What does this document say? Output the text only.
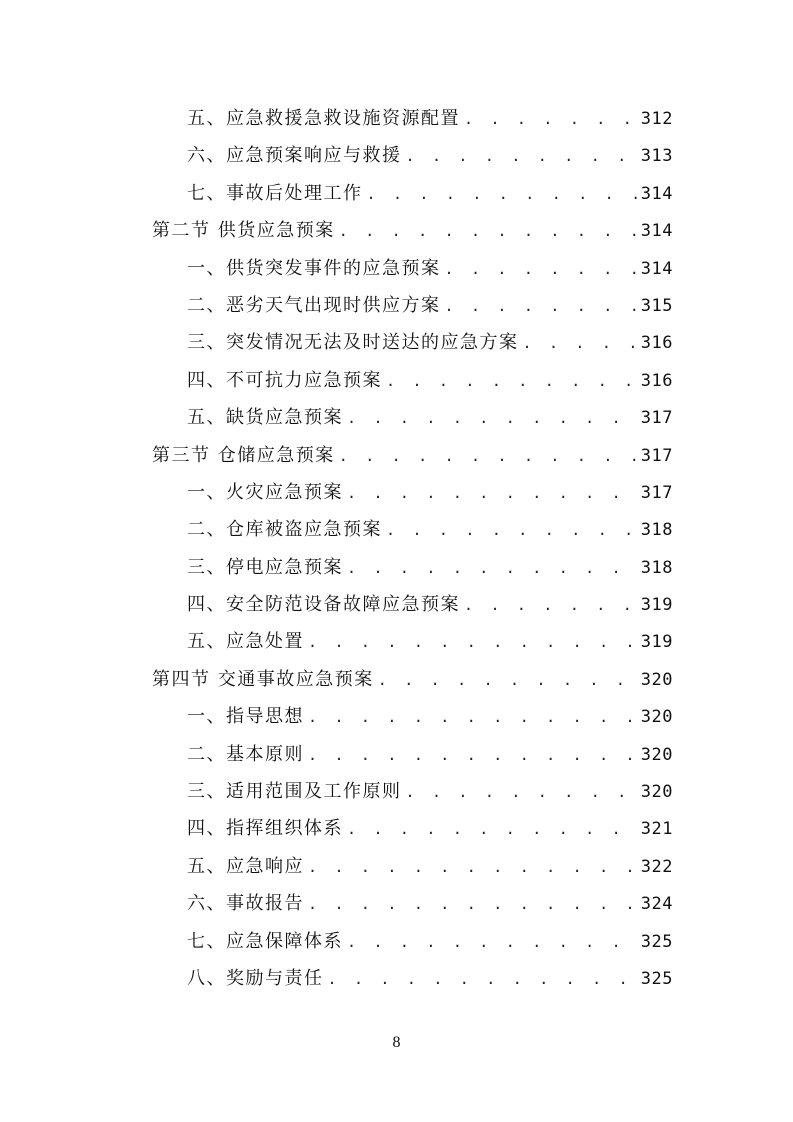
五、应急救援急救设施资源配置 . . .	312
六、应急预案响应与救援 . . .	313
七、事故后处理工作 . . .	314
第二节 供货应急预案 . . .	314
一、供货突发事件的应急预案 . . .	314
二、恶劣天气出现时供应方案 . . .	315
三、突发情况无法及时送达的应急方案 . . .	316
四、不可抗力应急预案 . . .	316
五、缺货应急预案 . . .	317
第三节 仓储应急预案 . . .	317
一、火灾应急预案 . . .	317
二、仓库被盗应急预案 . . .	318
三、停电应急预案 . . .	318
四、安全防范设备故障应急预案 . . .	319
五、应急处置 . . .	319
第四节 交通事故应急预案 . . .	320
一、指导思想 . . .	320
二、基本原则 . . .	320
三、适用范围及工作原则 . . .	320
四、指挥组织体系 . . .	321
五、应急响应 . . .	322
六、事故报告 . . .	324
七、应急保障体系 . . .	325
八、奖励与责任 . . .	325
8
